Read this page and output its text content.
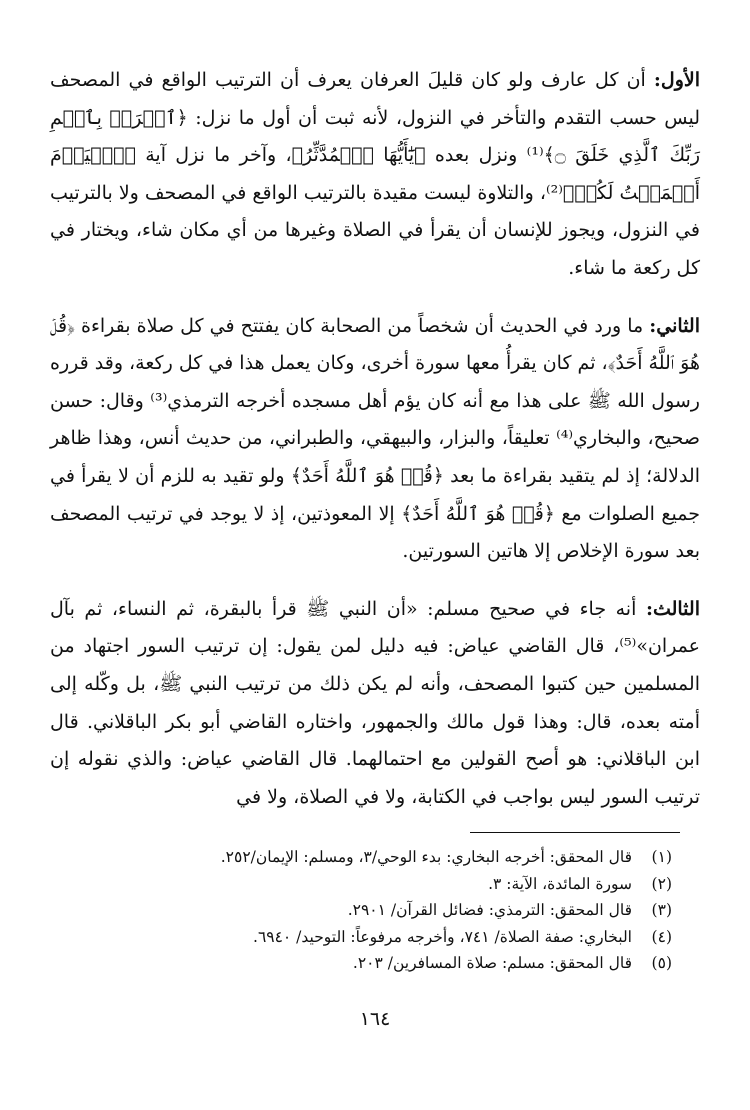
الأول: أن كل عارف ولو كان قليلَ العرفان يعرف أن الترتيب الواقع في المصحف ليس حسب التقدم والتأخر في النزول، لأنه ثبت أن أول ما نزل: ﴿ٱقۡرَأۡ بِٱسۡمِ رَبِّكَ ٱلَّذِي خَلَقَ ۝﴾⁽¹⁾ ونزل بعده ﴿يَٰٓأَيُّهَا ٱلۡمُدَّثِّرُ﴾، وآخر ما نزل آية ﴿ٱلۡيَوۡمَ أَكۡمَلۡتُ لَكُمۡ﴾⁽²⁾، والتلاوة ليست مقيدة بالترتيب الواقع في المصحف ولا بالترتيب في النزول، ويجوز للإنسان أن يقرأ في الصلاة وغيرها من أي مكان شاء، ويختار في كل ركعة ما شاء.

الثاني: ما ورد في الحديث أن شخصاً من الصحابة كان يفتتح في كل صلاة بقراءة ﴿قُلۡ هُوَ ٱللَّهُ أَحَدٌ﴾، ثم كان يقرأُ معها سورة أخرى، وكان يعمل هذا في كل ركعة، وقد قرره رسول الله ﷺ على هذا مع أنه كان يؤم أهل مسجده أخرجه الترمذي⁽³⁾ وقال: حسن صحيح، والبخاري⁽⁴⁾ تعليقاً، والبزار، والبيهقي، والطبراني، من حديث أنس، وهذا ظاهر الدلالة؛ إذ لم يتقيد بقراءة ما بعد ﴿قُلۡ هُوَ ٱللَّهُ أَحَدٌ﴾ ولو تقيد به للزم أن لا يقرأ في جميع الصلوات مع ﴿قُلۡ هُوَ ٱللَّهُ أَحَدٌ﴾ إلا المعوذتين، إذ لا يوجد في ترتيب المصحف بعد سورة الإخلاص إلا هاتين السورتين.

الثالث: أنه جاء في صحيح مسلم: «أن النبي ﷺ قرأ بالبقرة، ثم النساء، ثم بآل عمران»⁽⁵⁾، قال القاضي عياض: فيه دليل لمن يقول: إن ترتيب السور اجتهاد من المسلمين حين كتبوا المصحف، وأنه لم يكن ذلك من ترتيب النبي ﷺ، بل وكّله إلى أمته بعده، قال: وهذا قول مالك والجمهور، واختاره القاضي أبو بكر الباقلاني. قال ابن الباقلاني: هو أصح القولين مع احتمالهما. قال القاضي عياض: والذي نقوله إن ترتيب السور ليس بواجب في الكتابة، ولا في الصلاة، ولا في

(١)قال المحقق: أخرجه البخاري: بدء الوحي/٣، ومسلم: الإيمان/٢٥٢.
(٢)سورة المائدة، الآية: ٣.
(٣)قال المحقق: الترمذي: فضائل القرآن/ ٢٩٠١.
(٤)البخاري: صفة الصلاة/ ٧٤١، وأخرجه مرفوعاً: التوحيد/ ٦٩٤٠.
(٥)قال المحقق: مسلم: صلاة المسافرين/ ٢٠٣.
١٦٤
